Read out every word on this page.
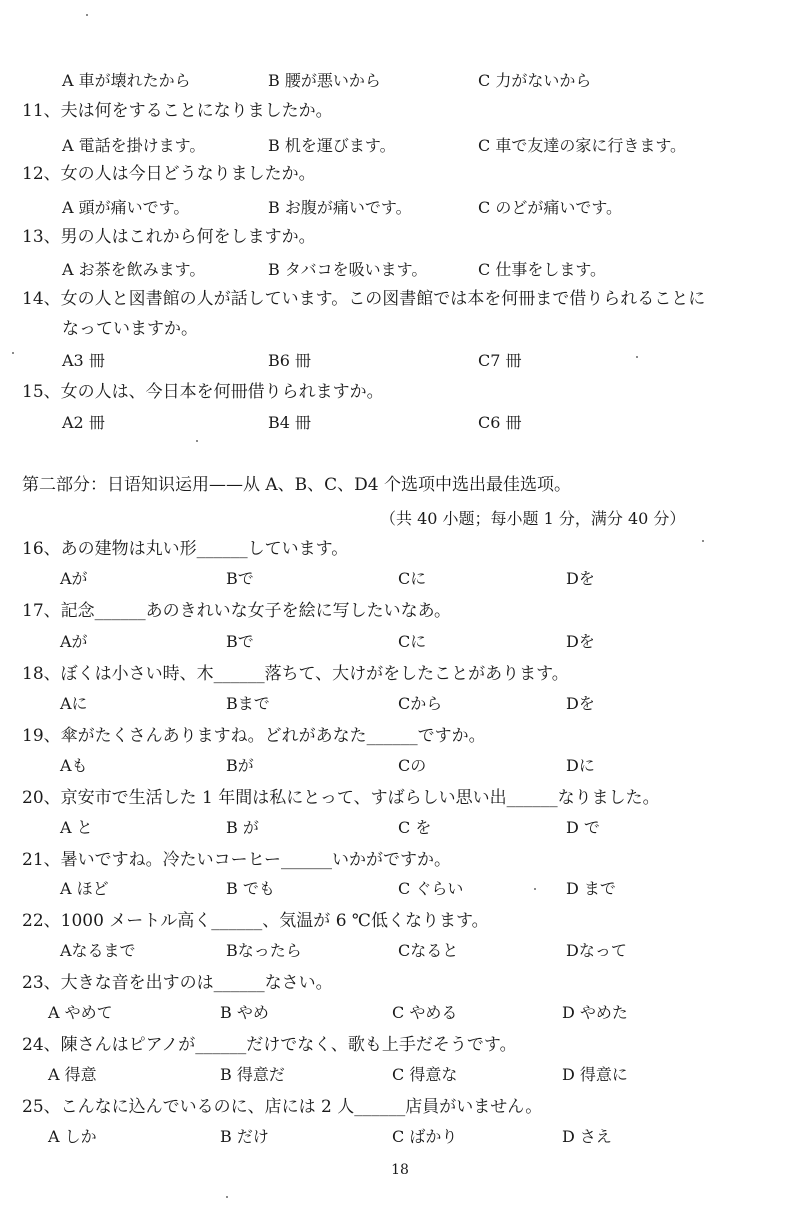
A 車が壊れたから	B 腰が悪いから	C 力がないから
11、夫は何をすることになりましたか。
A 電話を掛けます。	B 机を運びます。	C 車で友達の家に行きます。
12、女の人は今日どうなりましたか。
A 頭が痛いです。	B お腹が痛いです。	C のどが痛いです。
13、男の人はこれから何をしますか。
A お茶を飲みます。	B タバコを吸います。	C 仕事をします。
14、女の人と図書館の人が話しています。この図書館では本を何冊まで借りられることに
なっていますか。
A3 冊	B6 冊	C7 冊
15、女の人は、今日本を何冊借りられますか。
A2 冊	B4 冊	C6 冊
第二部分：日语知识运用——从 A、B、C、D4 个选项中选出最佳选项。
（共 40 小题；每小题 1 分，满分 40 分）
16、あの建物は丸い形______しています。
Aが	Bで	Cに	Dを
17、記念______あのきれいな女子を絵に写したいなあ。
Aが	Bで	Cに	Dを
18、ぼくは小さい時、木______落ちて、大けがをしたことがあります。
Aに	Bまで	Cから	Dを
19、傘がたくさんありますね。どれがあなた______ですか。
Aも	Bが	Cの	Dに
20、京安市で生活した 1 年間は私にとって、すばらしい思い出______なりました。
A と	B が	C を	D で
21、暑いですね。冷たいコーヒー______いかがですか。
A ほど	B でも	C ぐらい	D まで
22、1000 メートル高く______、気温が 6 ℃低くなります。
Aなるまで	Bなったら	Cなると	Dなって
23、大きな音を出すのは______なさい。
A やめて	B やめ	C やめる	D やめた
24、陳さんはピアノが______だけでなく、歌も上手だそうです。
A 得意	B 得意だ	C 得意な	D 得意に
25、こんなに込んでいるのに、店には 2 人______店員がいません。
A しか	B だけ	C ばかり	D さえ
18
